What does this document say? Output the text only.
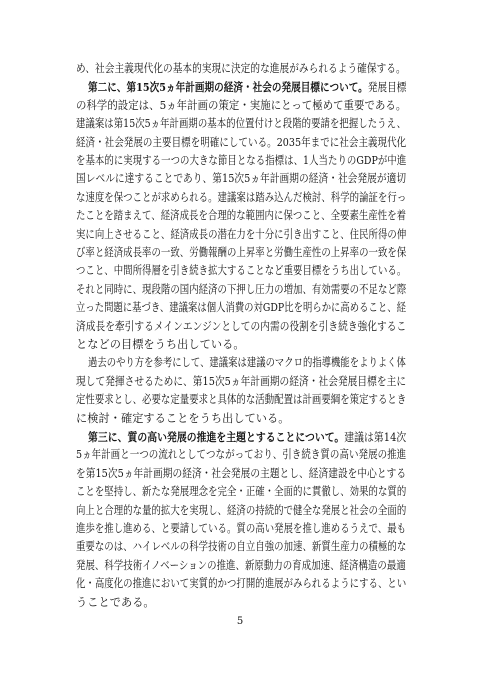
め、社会主義現代化の基本的実現に決定的な進展がみられるよう確保する。
第二に、第15次5ヵ年計画期の経済・社会の発展目標について。発展目標
の科学的設定は、5ヵ年計画の策定・実施にとって極めて重要である。
建議案は第15次5ヵ年計画期の基本的位置付けと段階的要請を把握したうえ、
経済・社会発展の主要目標を明確にしている。2035年までに社会主義現代化
を基本的に実現する一つの大きな節目となる指標は、1人当たりのGDPが中進
国レベルに達することであり、第15次5ヵ年計画期の経済・社会発展が適切
な速度を保つことが求められる。建議案は踏み込んだ検討、科学的論証を行っ
たことを踏まえて、経済成長を合理的な範囲内に保つこと、全要素生産性を着
実に向上させること、経済成長の潜在力を十分に引き出すこと、住民所得の伸
び率と経済成長率の一致、労働報酬の上昇率と労働生産性の上昇率の一致を保
つこと、中間所得層を引き続き拡大することなど重要目標をうち出している。
それと同時に、現段階の国内経済の下押し圧力の増加、有効需要の不足など際
立った問題に基づき、建議案は個人消費の対GDP比を明らかに高めること、経
済成長を牽引するメインエンジンとしての内需の役割を引き続き強化するこ
となどの目標をうち出している。
過去のやり方を参考にして、建議案は建議のマクロ的指導機能をよりよく体
現して発揮させるために、第15次5ヵ年計画期の経済・社会発展目標を主に
定性要求とし、必要な定量要求と具体的な活動配置は計画要綱を策定するとき
に検討・確定することをうち出している。
第三に、質の高い発展の推進を主題とすることについて。建議は第14次
5ヵ年計画と一つの流れとしてつながっており、引き続き質の高い発展の推進
を第15次5ヵ年計画期の経済・社会発展の主題とし、経済建設を中心とする
ことを堅持し、新たな発展理念を完全・正確・全面的に貫徹し、効果的な質的
向上と合理的な量的拡大を実現し、経済の持続的で健全な発展と社会の全面的
進歩を推し進める、と要請している。質の高い発展を推し進めるうえで、最も
重要なのは、ハイレベルの科学技術の自立自強の加速、新質生産力の積極的な
発展、科学技術イノベーションの推進、新原動力の育成加速、経済構造の最適
化・高度化の推進において実質的かつ打開的進展がみられるようにする、とい
うことである。
5
